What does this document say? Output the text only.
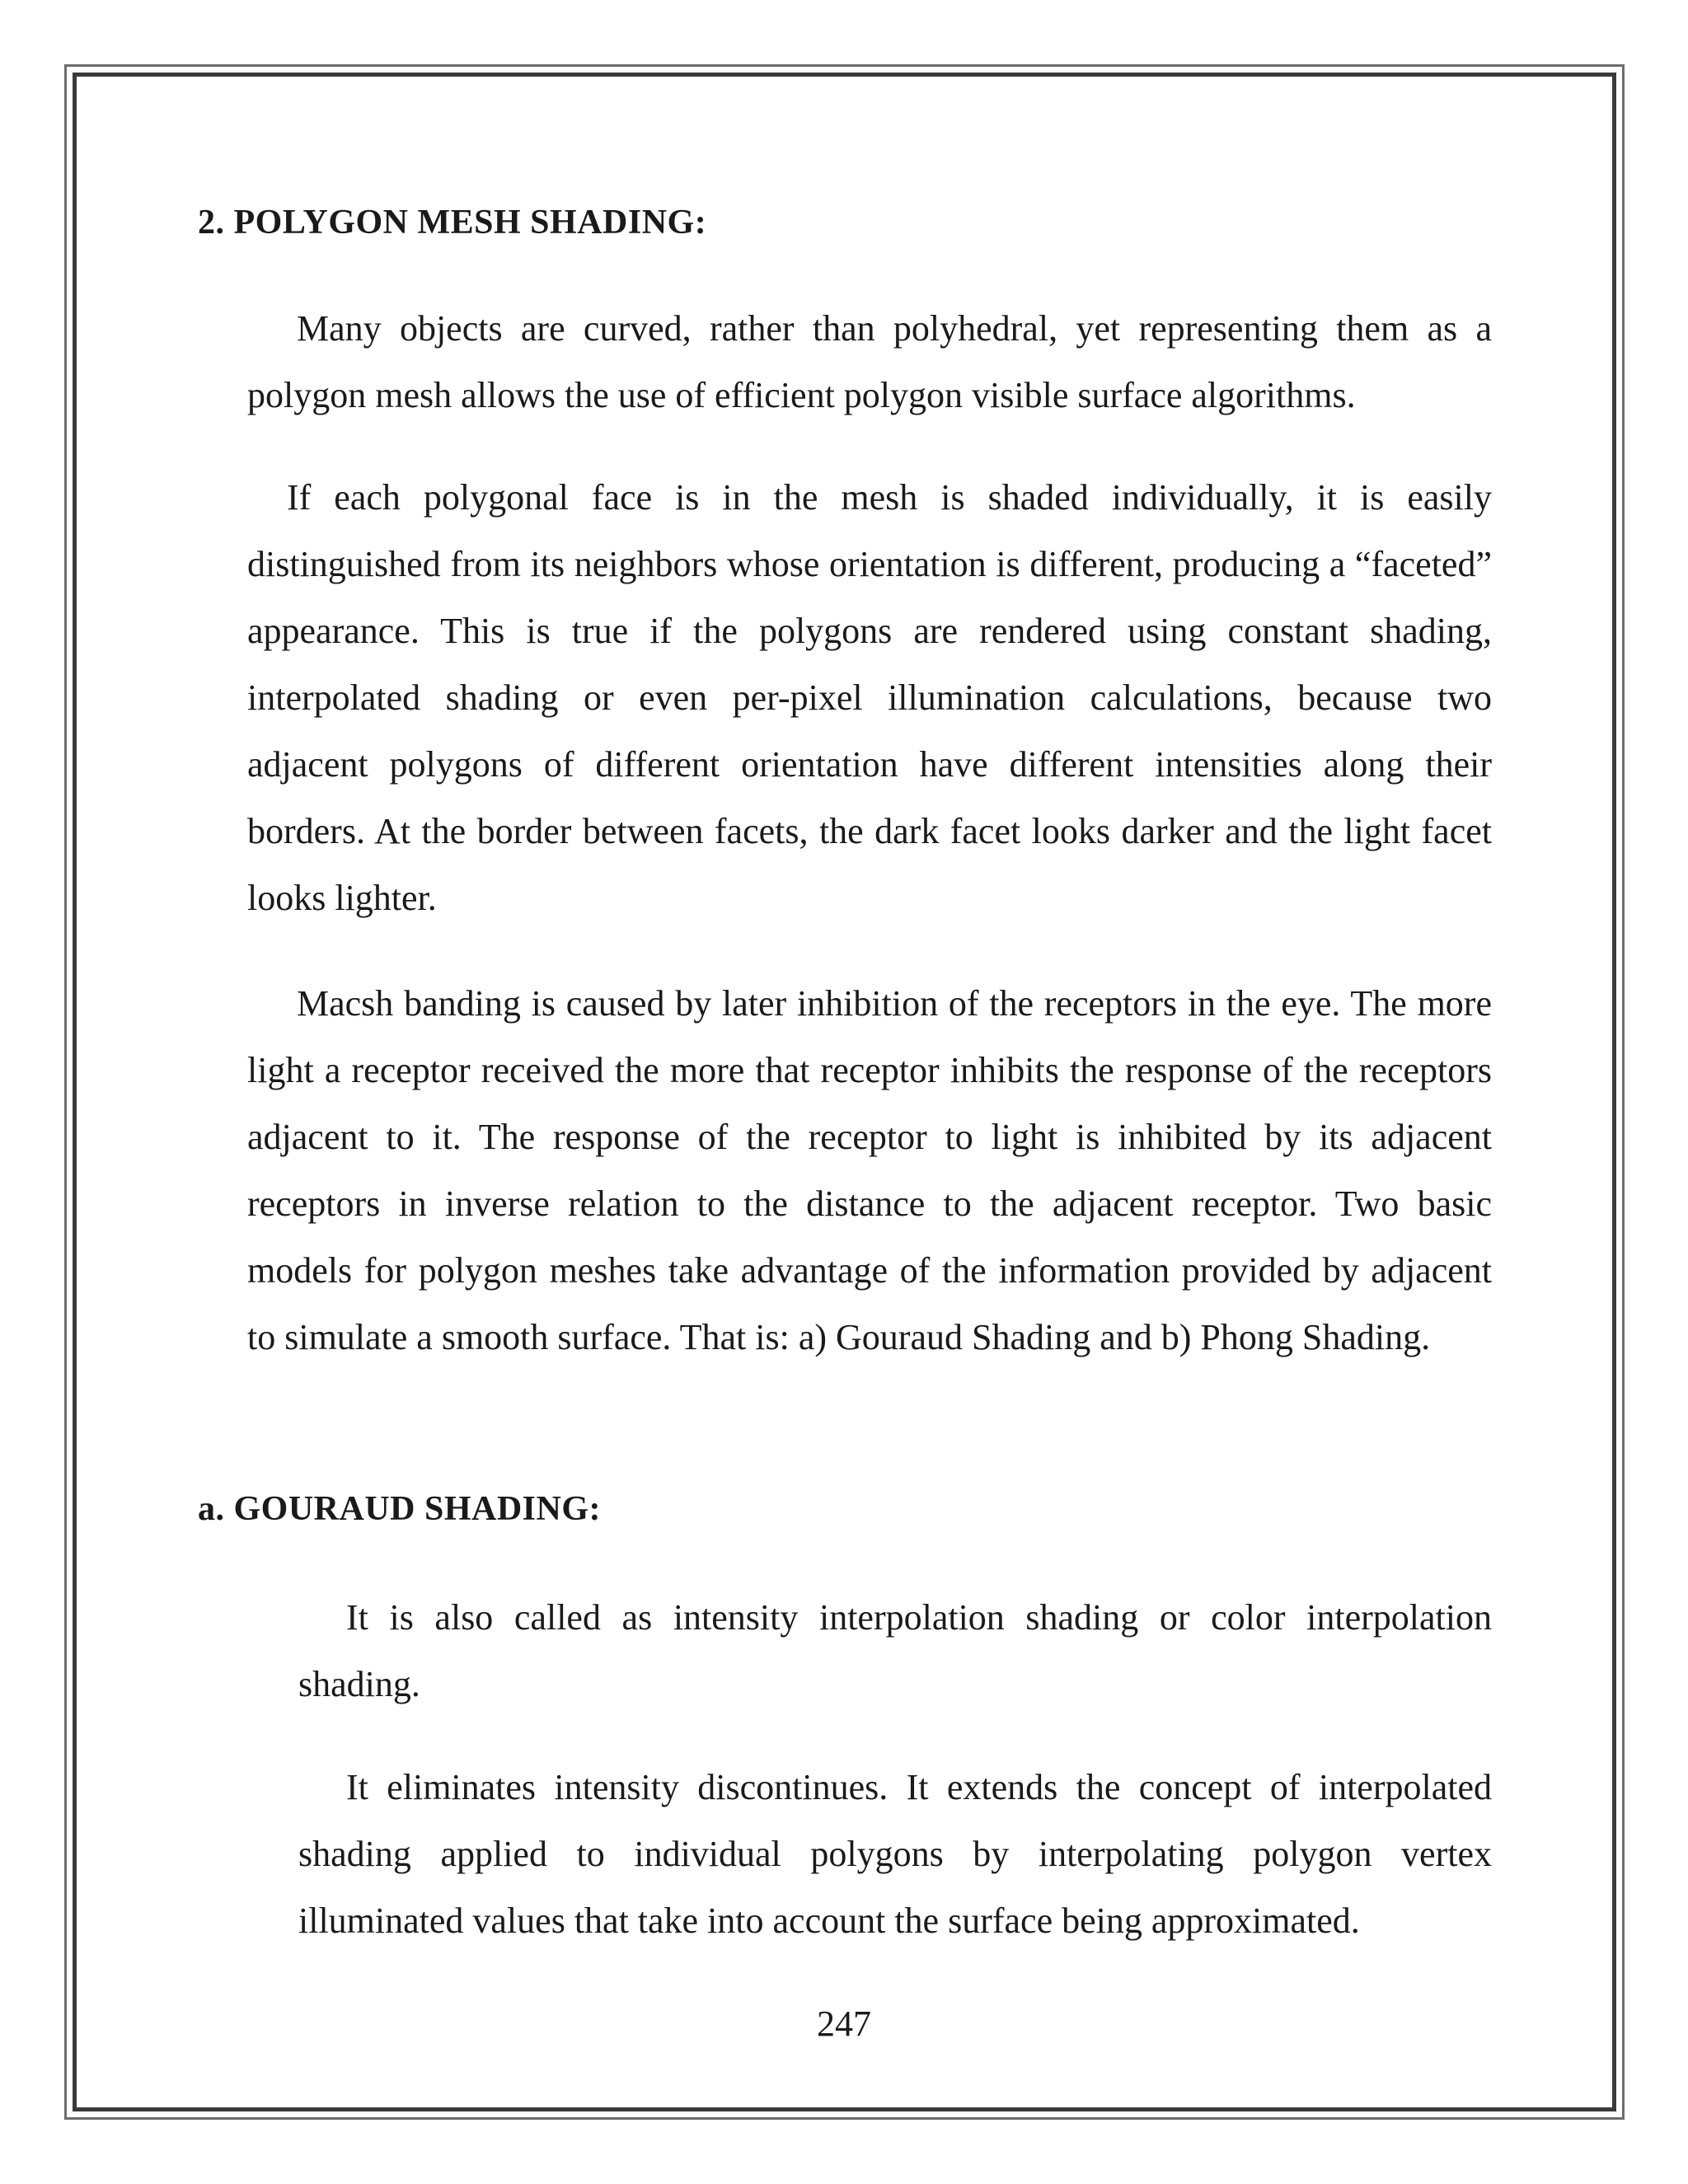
2. POLYGON MESH SHADING:

Many objects are curved, rather than polyhedral, yet representing them as a polygon mesh allows the use of efficient polygon visible surface algorithms.

If each polygonal face is in the mesh is shaded individually, it is easily distinguished from its neighbors whose orientation is different, producing a “faceted” appearance. This is true if the polygons are rendered using constant shading, interpolated shading or even per-pixel illumination calculations, because two adjacent polygons of different orientation have different intensities along their borders. At the border between facets, the dark facet looks darker and the light facet looks lighter.

Macsh banding is caused by later inhibition of the receptors in the eye. The more light a receptor received the more that receptor inhibits the response of the receptors adjacent to it. The response of the receptor to light is inhibited by its adjacent receptors in inverse relation to the distance to the adjacent receptor. Two basic models for polygon meshes take advantage of the information provided by adjacent to simulate a smooth surface. That is: a) Gouraud Shading and b) Phong Shading.

a. GOURAUD SHADING:

It is also called as intensity interpolation shading or color interpolation shading.

It eliminates intensity discontinues. It extends the concept of interpolated shading applied to individual polygons by interpolating polygon vertex illuminated values that take into account the surface being approximated.

247
